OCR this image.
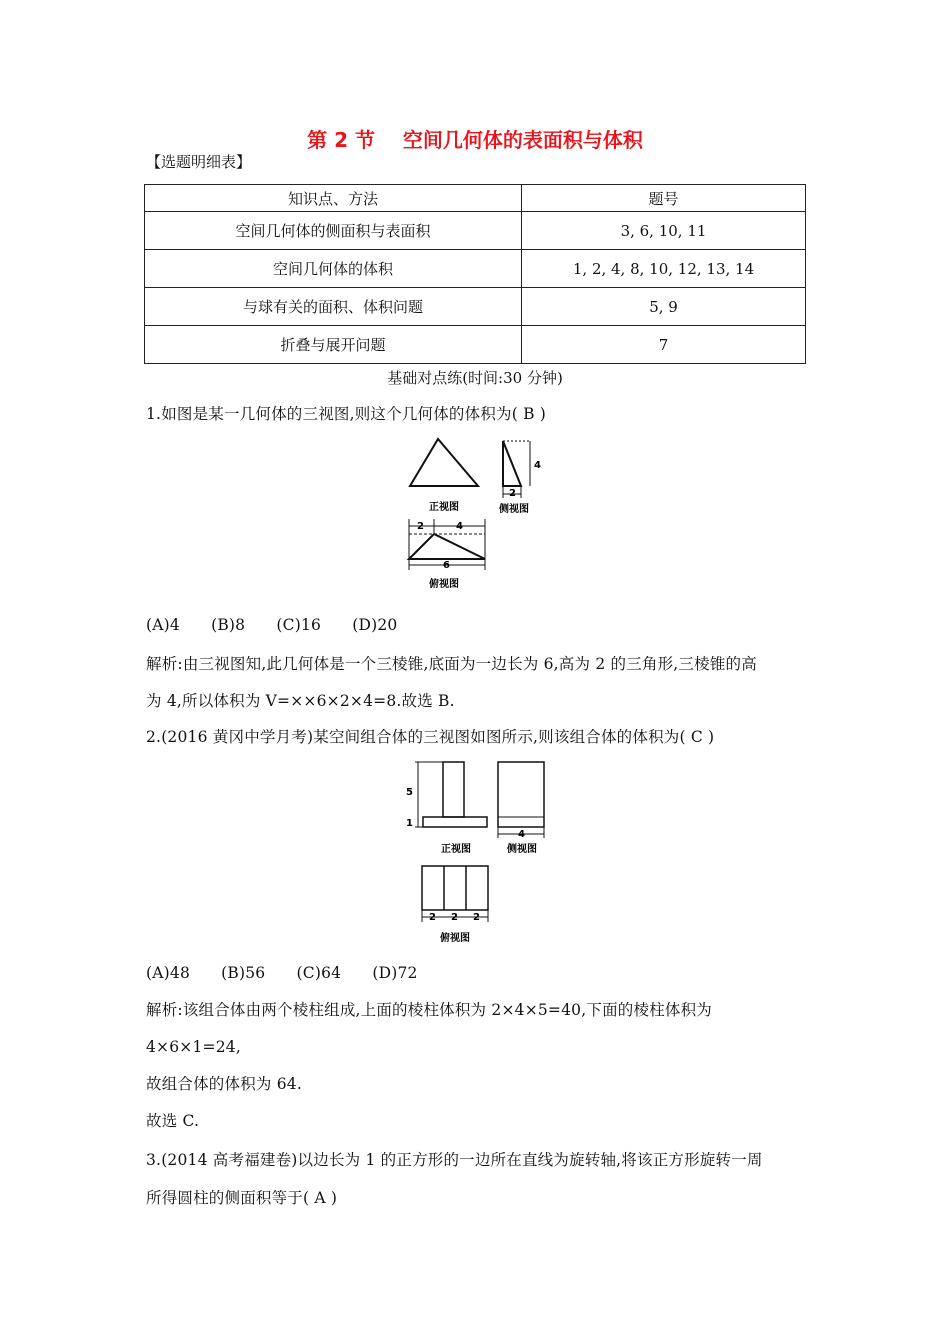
第 2 节    空间几何体的表面积与体积
【选题明细表】
知识点、方法	题号
空间几何体的侧面积与表面积	3, 6, 10, 11
空间几何体的体积	1, 2, 4, 8, 10, 12, 13, 14
与球有关的面积、体积问题	5, 9
折叠与展开问题	7
基础对点练(时间:30 分钟)
1.如图是某一几何体的三视图,则这个几何体的体积为( B )
正视图
4
2
侧视图
2	4
6
俯视图
(A)4 (B)8 (C)16 (D)20
解析:由三视图知,此几何体是一个三棱锥,底面为一边长为 6,高为 2 的三角形,三棱锥的高
为 4,所以体积为 V=××6×2×4=8.故选 B.
2.(2016 黄冈中学月考)某空间组合体的三视图如图所示,则该组合体的体积为( C )
5
1
正视图
4
侧视图
2 2 2
俯视图
(A)48 (B)56 (C)64 (D)72
解析:该组合体由两个棱柱组成,上面的棱柱体积为 2×4×5=40,下面的棱柱体积为
4×6×1=24,
故组合体的体积为 64.
故选 C.
3.(2014 高考福建卷)以边长为 1 的正方形的一边所在直线为旋转轴,将该正方形旋转一周
所得圆柱的侧面积等于( A )
